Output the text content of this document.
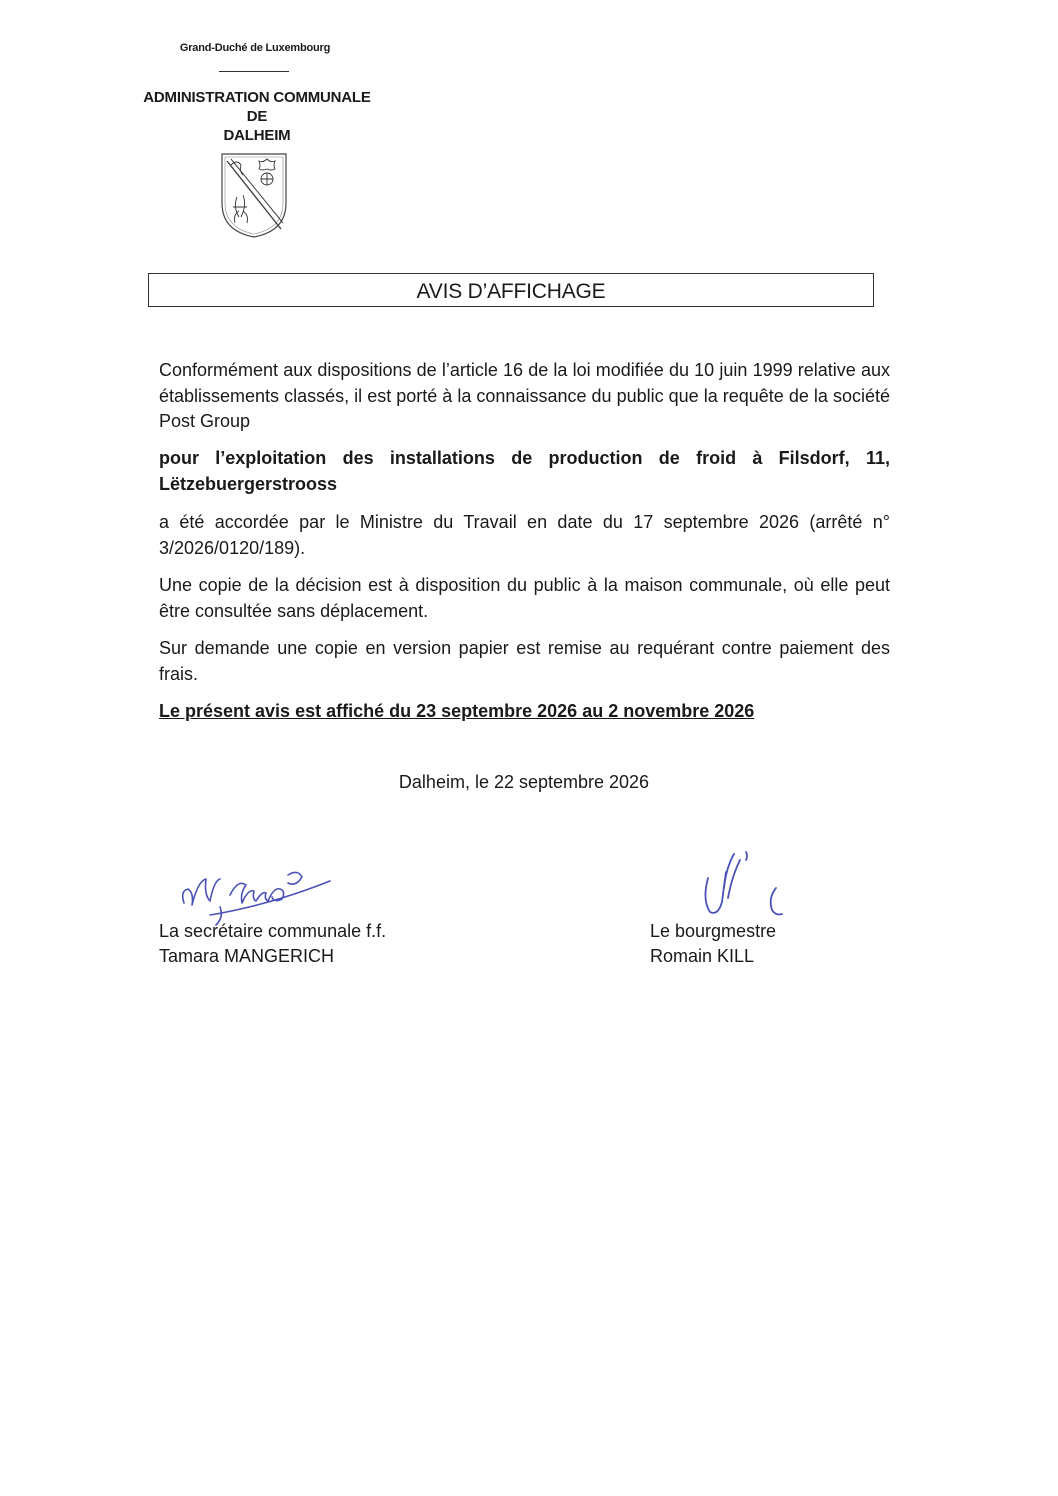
Grand-Duché de Luxembourg
ADMINISTRATION COMMUNALE
DE
DALHEIM
AVIS D’AFFICHAGE
Conformément aux dispositions de l’article 16 de la loi modifiée du 10 juin 1999 relative aux établissements classés, il est porté à la connaissance du public que la requête de la société Post Group
pour l’exploitation des installations de production de froid à Filsdorf, 11, Lëtzebuergerstrooss
a été accordée par le Ministre du Travail en date du 17 septembre 2026 (arrêté n° 3/2026/0120/189).
Une copie de la décision est à disposition du public à la maison communale, où elle peut être consultée sans déplacement.
Sur demande une copie en version papier est remise au requérant contre paiement des frais.
Le présent avis est affiché du 23 septembre 2026 au 2 novembre 2026
Dalheim, le 22 septembre 2026
La secrétaire communale f.f.
Tamara MANGERICH
Le bourgmestre
Romain KILL
